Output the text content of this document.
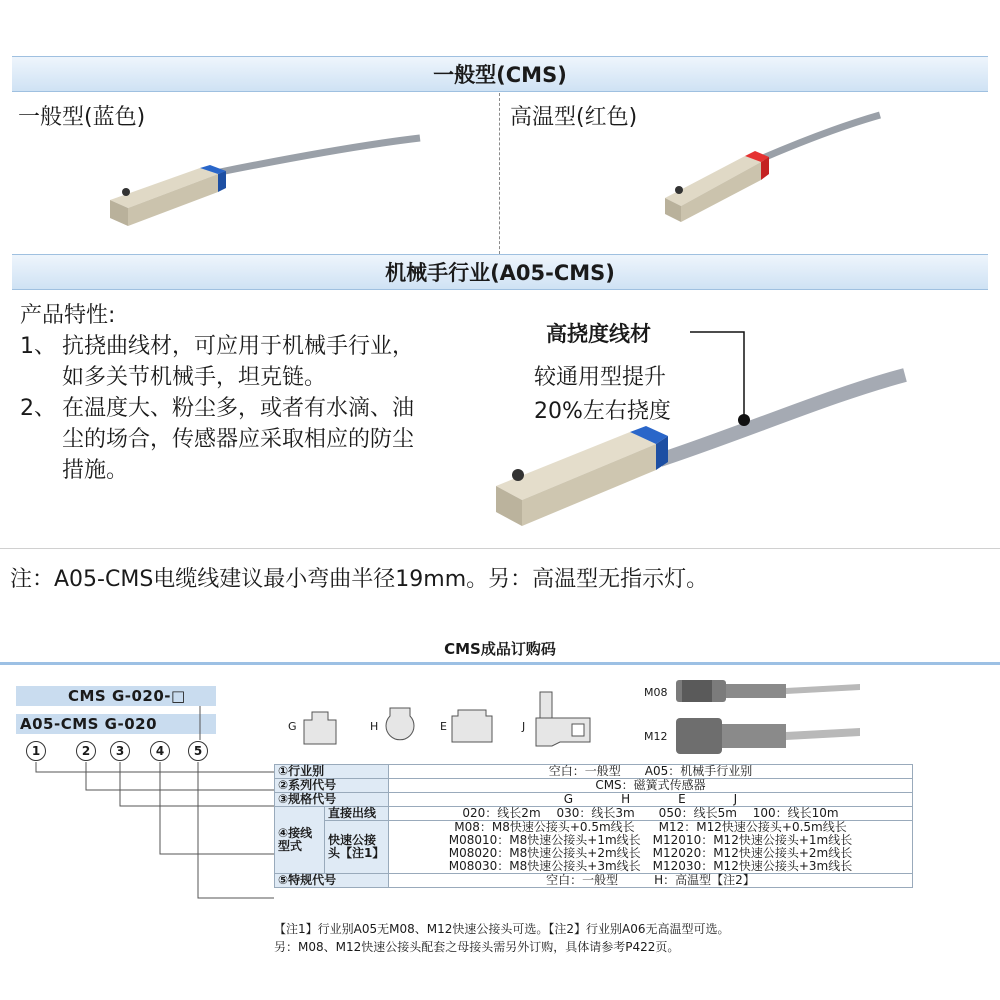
一般型(CMS)
一般型(蓝色)	高温型(红色)
机械手行业(A05-CMS)
产品特性:
1、 抗挠曲线材，可应用于机械手行业，如多关节机械手，坦克链。
2、 在温度大、粉尘多，或者有水滴、油尘的场合，传感器应采取相应的防尘措施。
高挠度线材
较通用型提升
20%左右挠度
注：A05-CMS电缆线建议最小弯曲半径19mm。另：高温型无指示灯。
CMS成品订购码
CMS G-020-□
A05-CMS G-020
1	2	3	4	5
G	H	E	J
M08
M12
①行业别		空白：一般型　　A05：机械手行业别
②系列代号		CMS：磁簧式传感器
③规格代号		G　　　　H　　　　E　　　　J
④接线型式	直接出线	020：线长2m　 030：线长3m　　050：线长5m　 100：线长10m
	快速公接头【注1】	M08：M8快速公接头+0.5m线长　　M12：M12快速公接头+0.5m线长
M08010：M8快速公接头+1m线长　M12010：M12快速公接头+1m线长
M08020：M8快速公接头+2m线长　M12020：M12快速公接头+2m线长
M08030：M8快速公接头+3m线长　M12030：M12快速公接头+3m线长

⑤特规代号		空白：一般型　　　H：高温型【注2】
【注1】行业别A05无M08、M12快速公接头可选。【注2】行业别A06无高温型可选。
另：M08、M12快速公接头配套之母接头需另外订购，具体请参考P422页。
